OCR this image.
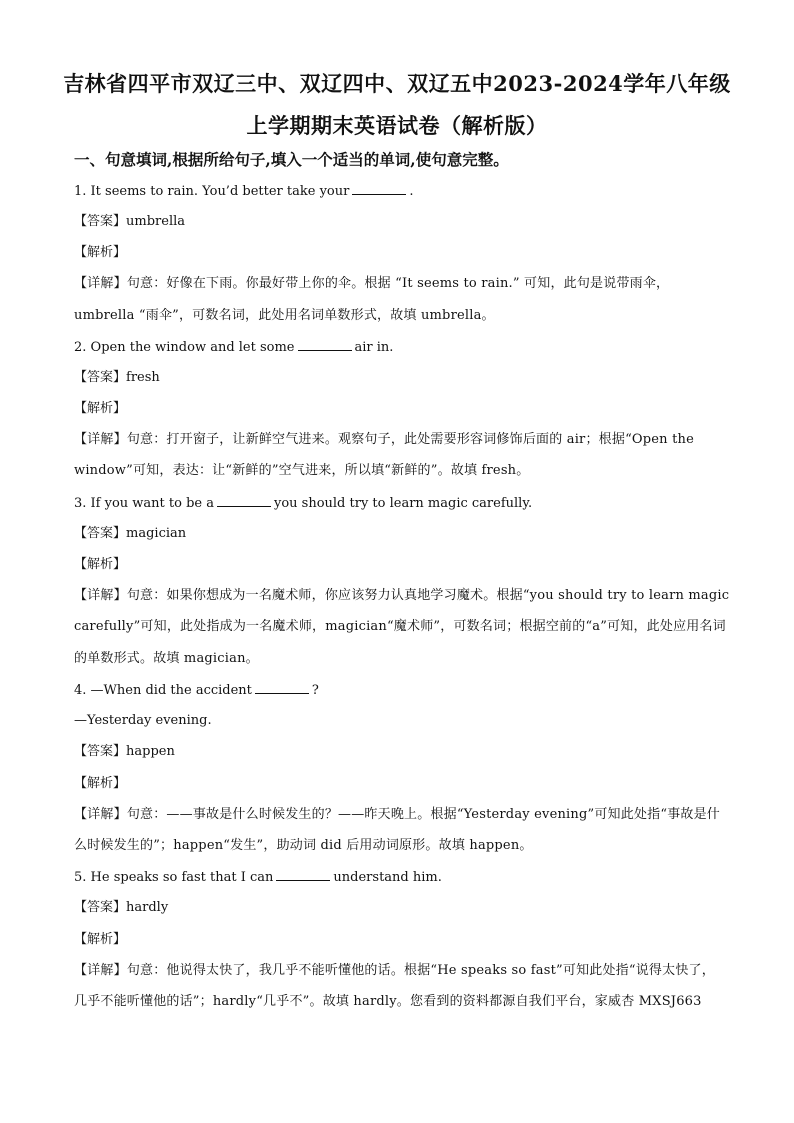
吉林省四平市双辽三中、双辽四中、双辽五中2023-2024学年八年级
上学期期末英语试卷（解析版）
一、句意填词,根据所给句子,填入一个适当的单词,使句意完整。
1. It seems to rain. You’d better take your	.
【答案】umbrella
【解析】
【详解】句意：好像在下雨。你最好带上你的伞。根据 “It seems to rain.” 可知，此句是说带雨伞，
umbrella “雨伞”，可数名词，此处用名词单数形式，故填 umbrella。
2. Open the window and let some	air in.
【答案】fresh
【解析】
【详解】句意：打开窗子，让新鲜空气进来。观察句子，此处需要形容词修饰后面的 air；根据“Open the
window”可知，表达：让“新鲜的”空气进来，所以填“新鲜的”。故填 fresh。
3. If you want to be a	you should try to learn magic carefully.
【答案】magician
【解析】
【详解】句意：如果你想成为一名魔术师，你应该努力认真地学习魔术。根据“you should try to learn magic
carefully”可知，此处指成为一名魔术师，magician“魔术师”，可数名词；根据空前的“a”可知，此处应用名词
的单数形式。故填 magician。
4. —When did the accident	?
—Yesterday evening.
【答案】happen
【解析】
【详解】句意：——事故是什么时候发生的？——昨天晚上。根据“Yesterday evening”可知此处指“事故是什
么时候发生的”；happen“发生”，助动词 did 后用动词原形。故填 happen。
5. He speaks so fast that I can	understand him.
【答案】hardly
【解析】
【详解】句意：他说得太快了，我几乎不能听懂他的话。根据“He speaks so fast”可知此处指“说得太快了，
几乎不能听懂他的话”；hardly“几乎不”。故填 hardly。您看到的资料都源自我们平台，家威杏 MXSJ663
